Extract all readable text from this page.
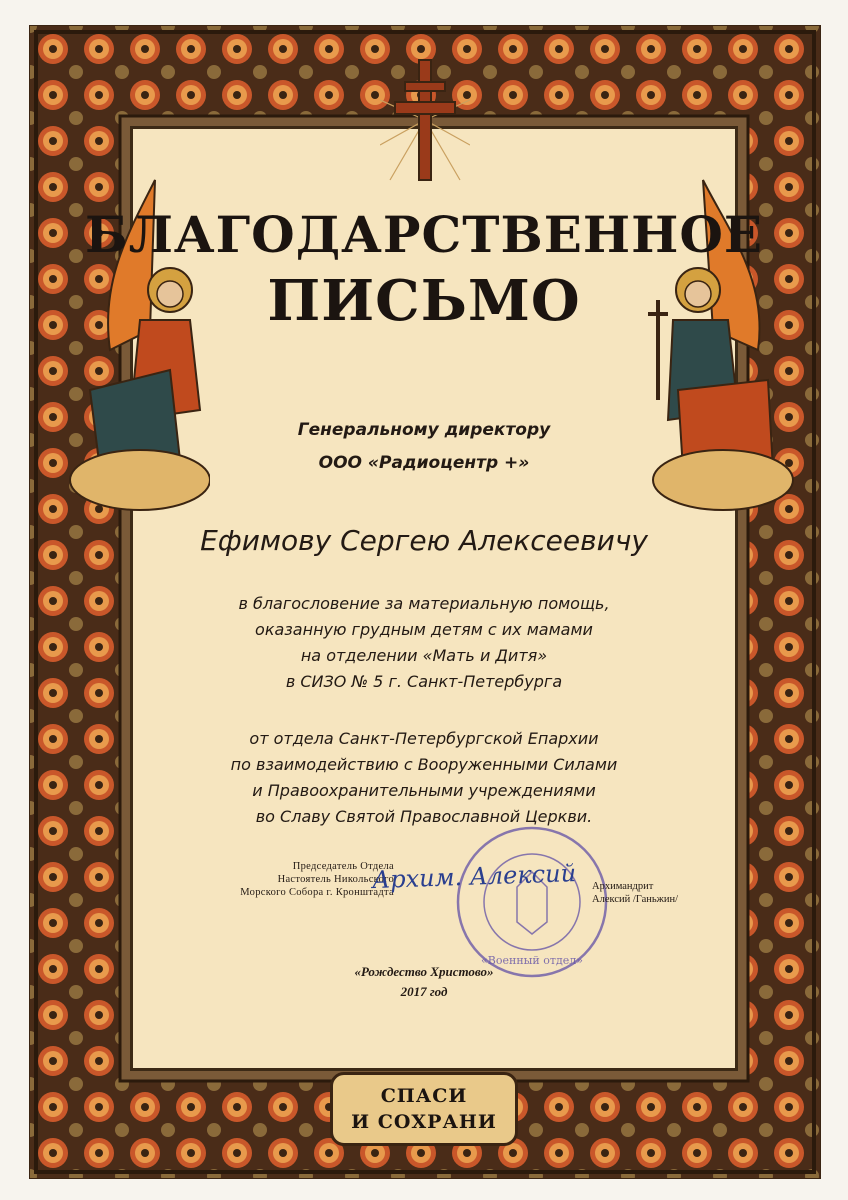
БЛАГОДАРСТВЕННОЕ
ПИСЬМО
Генеральному директору
ООО «Радиоцентр +»
Ефимову Сергею Алексеевичу
в благословение за материальную помощь,
оказанную грудным детям с их мамами
на отделении «Мать и Дитя»
в СИЗО № 5 г. Санкт-Петербурга
от отдела Санкт-Петербургской Епархии
по взаимодействию с Вооруженными Силами
и Правоохранительными учреждениями
во Славу Святой Православной Церкви.
Председатель Отдела
Настоятель Никольского
Морского Собора г. Кронштадта
«Военный отдел»
Архим. Алексий	Архимандрит
Алексий /Ганьжин/
«Рождество Христово»
2017 год
СПАСИ
И СОХРАНИ
